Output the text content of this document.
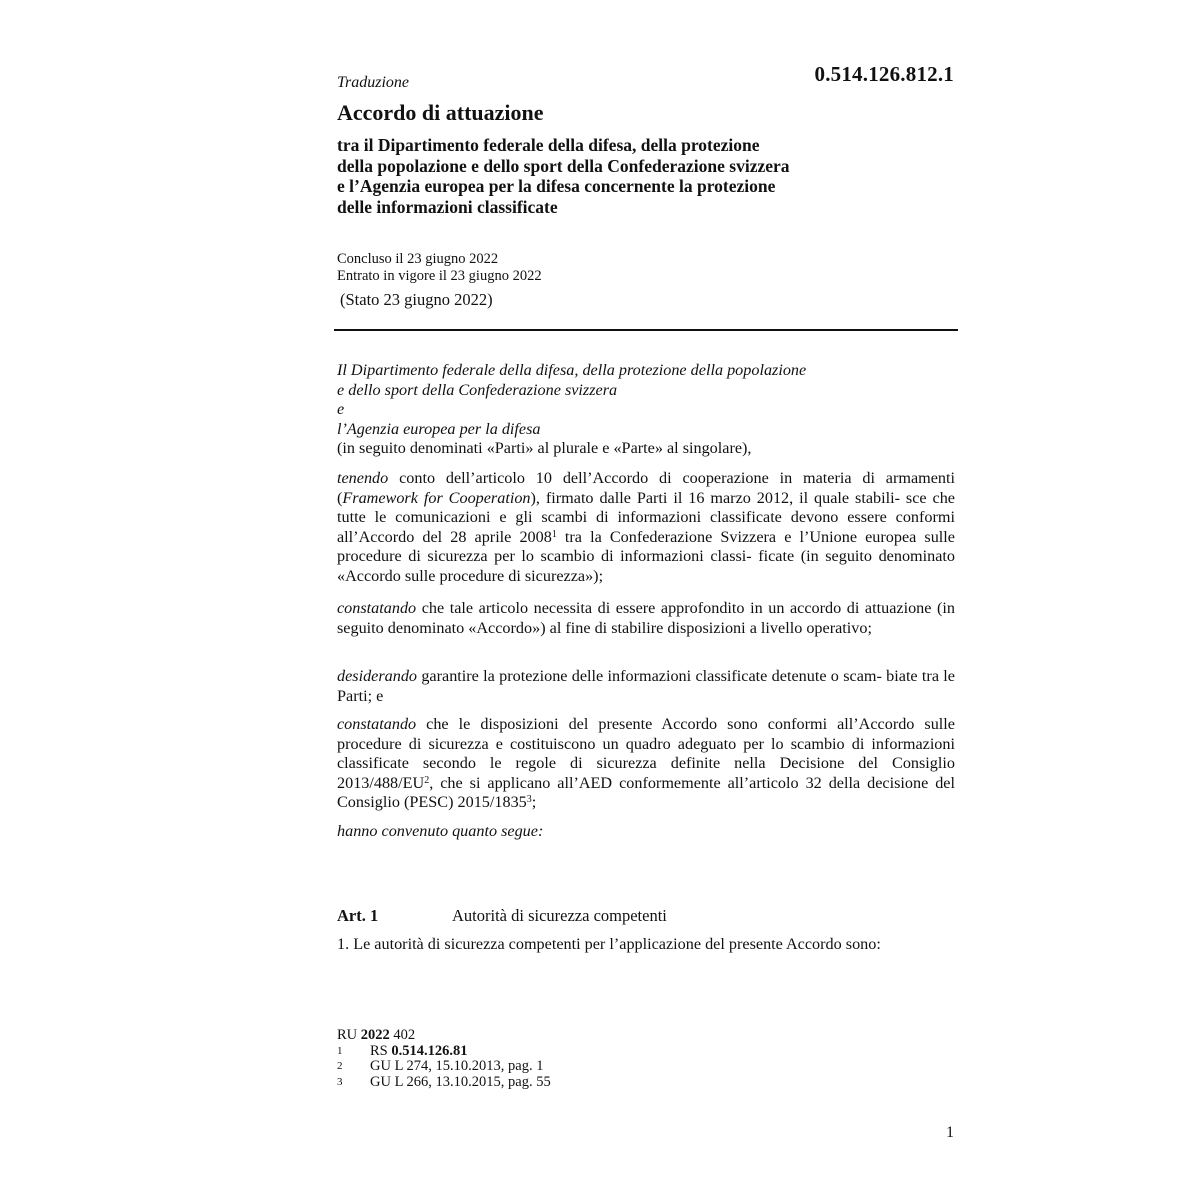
0.514.126.812.1
Traduzione
Accordo di attuazione
tra il Dipartimento federale della difesa, della protezione
della popolazione e dello sport della Confederazione svizzera
e l’Agenzia europea per la difesa concernente la protezione
delle informazioni classificate
Concluso il 23 giugno 2022
Entrato in vigore il 23 giugno 2022
(Stato 23 giugno 2022)
Il Dipartimento federale della difesa, della protezione della popolazione
e dello sport della Confederazione svizzera
e
l’Agenzia europea per la difesa
(in seguito denominati «Parti» al plurale e «Parte» al singolare),

tenendo conto dell’articolo 10 dell’Accordo di cooperazione in materia di armamenti (Framework for Cooperation), firmato dalle Parti il 16 marzo 2012, il quale stabili- sce che tutte le comunicazioni e gli scambi di informazioni classificate devono essere conformi all’Accordo del 28 aprile 2008$^1$ tra la Confederazione Svizzera e l’Unione europea sulle procedure di sicurezza per lo scambio di informazioni classi- ficate (in seguito denominato «Accordo sulle procedure di sicurezza»);

constatando che tale articolo necessita di essere approfondito in un accordo di attuazione (in seguito denominato «Accordo») al fine di stabilire disposizioni a livello operativo;

desiderando garantire la protezione delle informazioni classificate detenute o scam- biate tra le Parti; e

constatando che le disposizioni del presente Accordo sono conformi all’Accordo sulle procedure di sicurezza e costituiscono un quadro adeguato per lo scambio di informazioni classificate secondo le regole di sicurezza definite nella Decisione del Consiglio $2013/488/EU^2$, che si applicano all’AED conformemente all’articolo 32 della decisione del Consiglio (PESC) 2015/1835$^3$;

hanno convenuto quanto segue:

Art. 1	Autorità di sicurezza competenti
1. Le autorità di sicurezza competenti per l’applicazione del presente Accordo sono:
RU 2022 402
1	RS 0.514.126.81
2	GU L 274, 15.10.2013, pag. 1
3	GU L 266, 13.10.2015, pag. 55
1
